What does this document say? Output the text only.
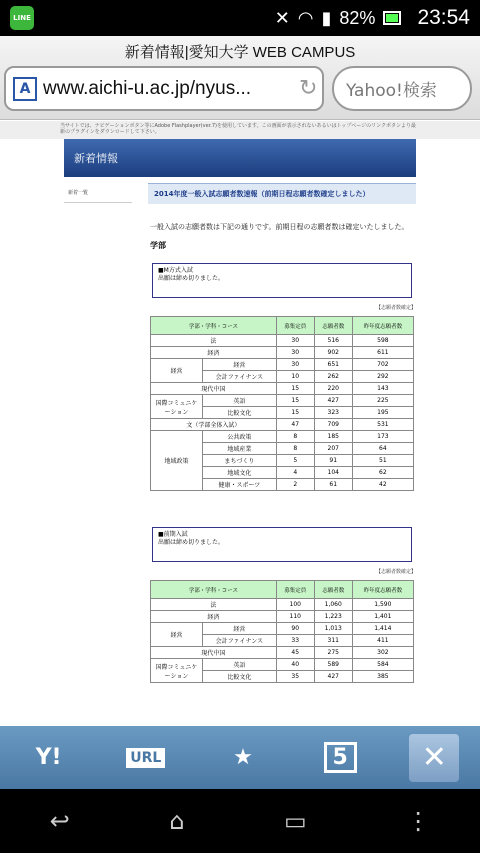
LINE	✕ ◠ ▮ 82% 23:54
新着情報|愛知大学 WEB CAMPUS
A www.aichi-u.ac.jp/nyus...	↻	Yahoo!検索
当サイトでは、ナビゲーションボタン等にAdobe Flashplayer(ver.7)を使用しています。この画面が表示されないあるいはトップページのリンクボタンより最新のプラグインをダウンロードして下さい。
新着情報
新着一覧	2014年度一般入試志願者数速報（前期日程志願者数確定しました）
一般入試の志願者数は下記の通りです。前期日程の志願者数は確定いたしました。
学部
■M方式入試
出願は締め切りました。
【志願者数確定】
学部・学科・コース		募集定員	志願者数	昨年度志願者数
法		30	516	598
経済		30	902	611
経営	経営	30	651	702
	会計ファイナンス	10	262	292
現代中国		15	220	143
国際コミュニケーション	英語	15	427	225
	比較文化	15	323	195
文（学部全体入試）		47	709	531
地域政策	公共政策	8	185	173
	地域産業	8	207	64
	まちづくり	5	91	51
	地域文化	4	104	62
	健康・スポーツ	2	61	42
■前期入試
出願は締め切りました。
【志願者数確定】
学部・学科・コース		募集定員	志願者数	昨年度志願者数
法		100	1,060	1,590
経済		110	1,223	1,401
経営	経営	90	1,013	1,414
	会計ファイナンス	33	311	411
現代中国		45	275	302
国際コミュニケーション	英語	40	589	584
	比較文化	35	427	385
Y!	URL	★	5	✕
↩	⌂	▭	⋮
